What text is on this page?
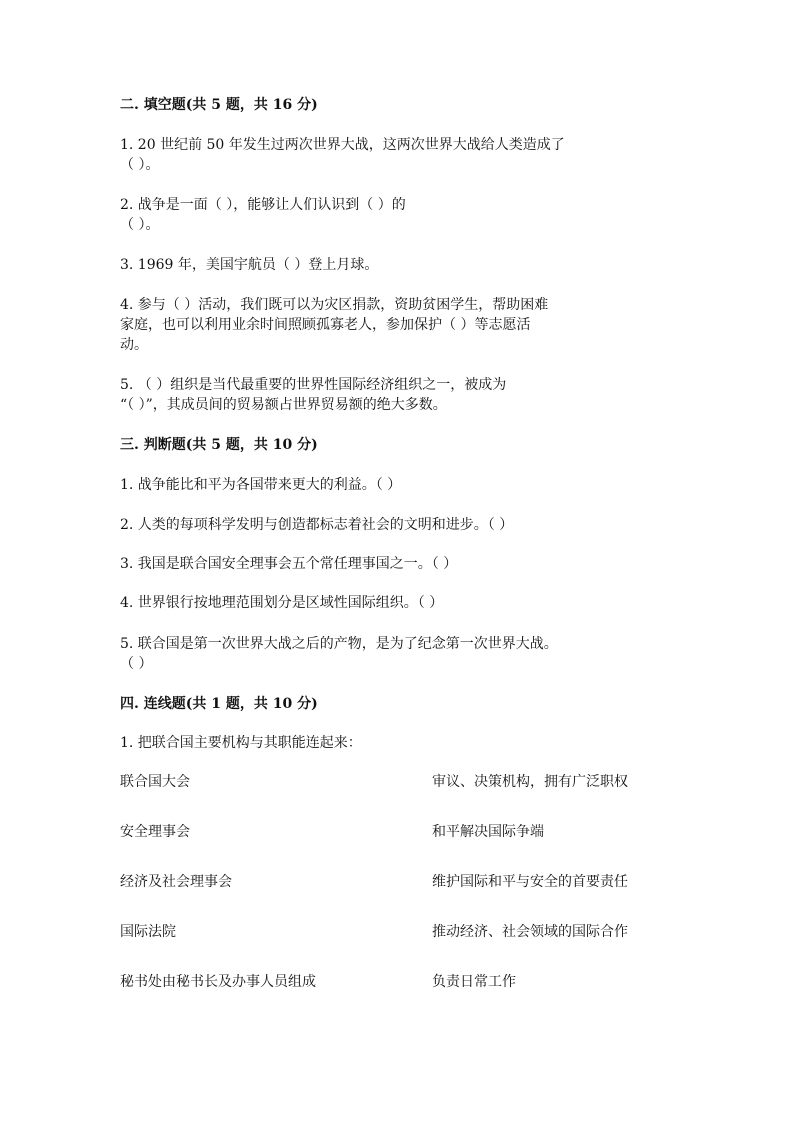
二. 填空题(共 5 题，共 16 分)
1. 20 世纪前 50 年发生过两次世界大战，这两次世界大战给人类造成了
（ ）。
2. 战争是一面（ ），能够让人们认识到（ ）的
（ ）。
3. 1969 年，美国宇航员（ ）登上月球。
4. 参与（ ）活动，我们既可以为灾区捐款，资助贫困学生，帮助困难
家庭，也可以利用业余时间照顾孤寡老人，参加保护（ ）等志愿活
动。
5. （ ）组织是当代最重要的世界性国际经济组织之一，被成为
“（ ）”，其成员间的贸易额占世界贸易额的绝大多数。
三. 判断题(共 5 题，共 10 分)
1. 战争能比和平为各国带来更大的利益。（ ）
2. 人类的每项科学发明与创造都标志着社会的文明和进步。（ ）
3. 我国是联合国安全理事会五个常任理事国之一。（ ）
4. 世界银行按地理范围划分是区域性国际组织。（ ）
5. 联合国是第一次世界大战之后的产物，是为了纪念第一次世界大战。
（ ）
四. 连线题(共 1 题，共 10 分)
1. 把联合国主要机构与其职能连起来：
联合国大会	审议、决策机构，拥有广泛职权
安全理事会	和平解决国际争端
经济及社会理事会	维护国际和平与安全的首要责任
国际法院	推动经济、社会领域的国际合作
秘书处由秘书长及办事人员组成	负责日常工作
